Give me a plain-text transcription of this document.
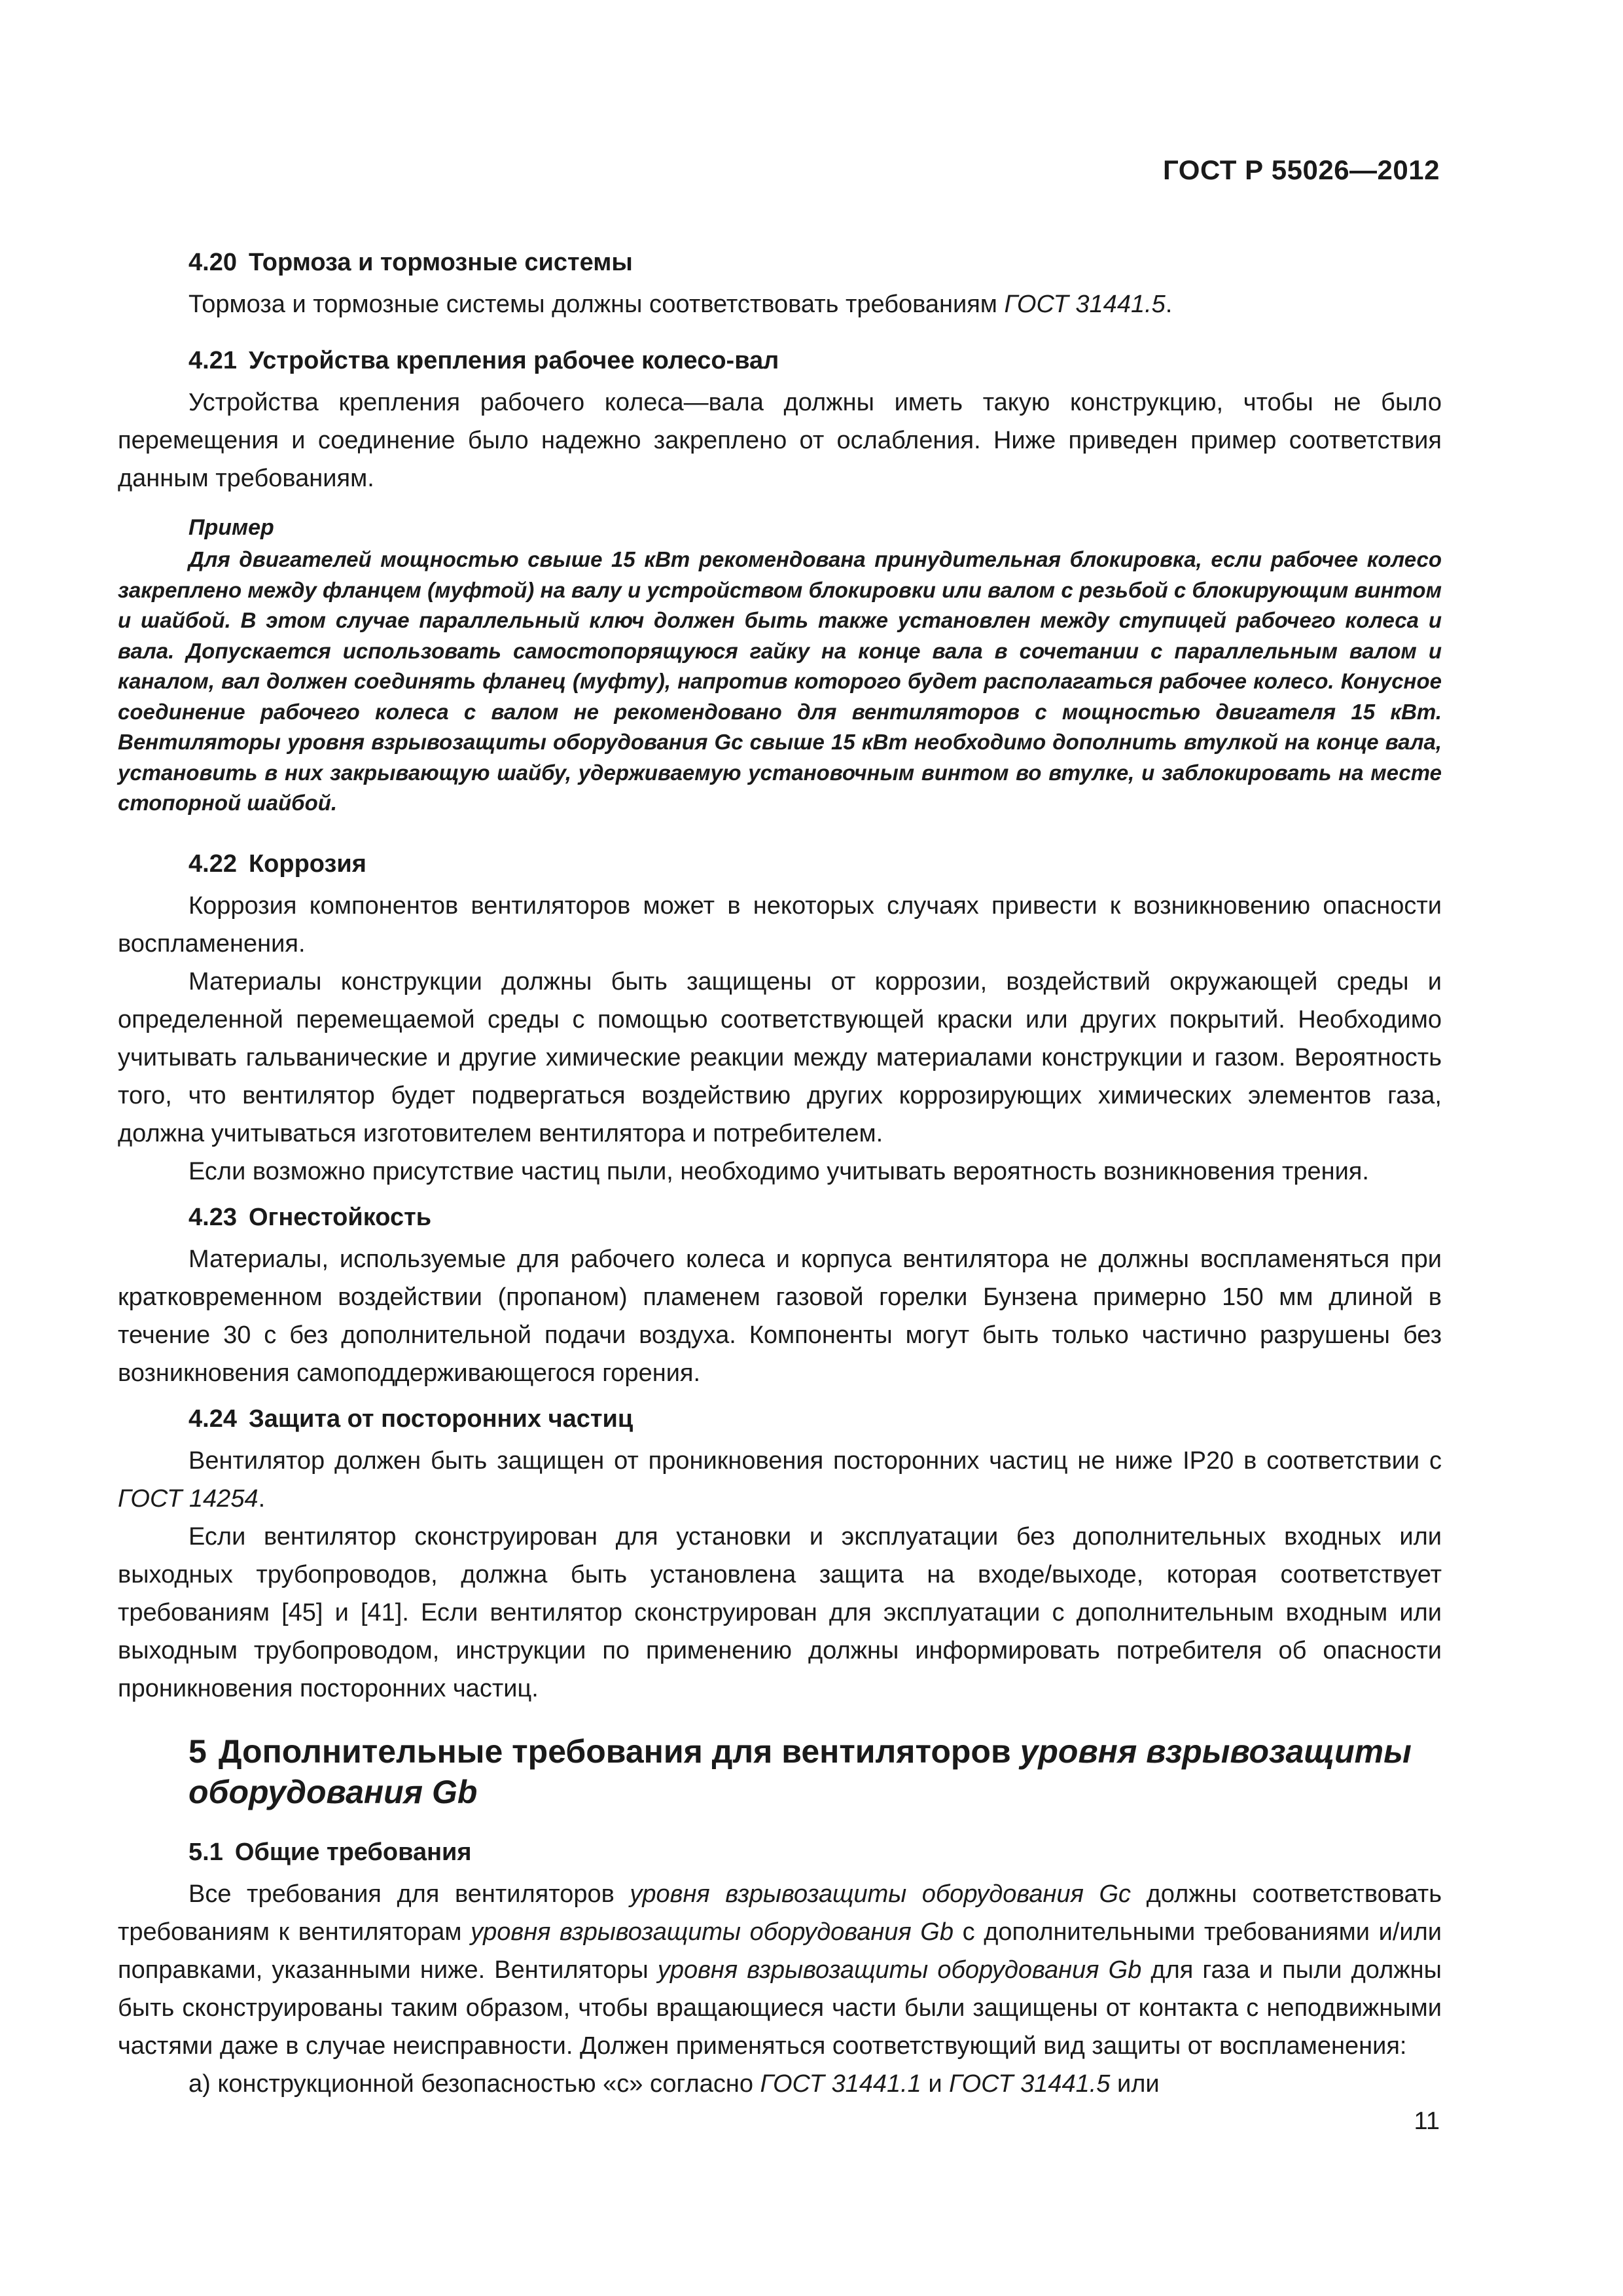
ГОСТ Р 55026—2012
4.20 Тормоза и тормозные системы

Тормоза и тормозные системы должны соответствовать требованиям ГОСТ 31441.5.

4.21 Устройства крепления рабочее колесо-вал

Устройства крепления рабочего колеса—вала должны иметь такую конструкцию, чтобы не было перемещения и соединение было надежно закреплено от ослабления. Ниже приведен пример соответствия данным требованиям.

Пример
Для двигателей мощностью свыше 15 кВт рекомендована принудительная блокировка, если рабочее колесо закреплено между фланцем (муфтой) на валу и устройством блокировки или валом с резьбой с блокирующим винтом и шайбой. В этом случае параллельный ключ должен быть также установлен между ступицей рабочего колеса и вала. Допускается использовать самостопорящуюся гайку на конце вала в сочетании с параллельным валом и каналом, вал должен соединять фланец (муфту), напротив которого будет располагаться рабочее колесо. Конусное соединение рабочего колеса с валом не рекомендовано для вентиляторов с мощностью двигателя 15 кВт. Вентиляторы уровня взрывозащиты оборудования Gc свыше 15 кВт необходимо дополнить втулкой на конце вала, установить в них закрывающую шайбу, удерживаемую установочным винтом во втулке, и заблокировать на месте стопорной шайбой.
4.22 Коррозия

Коррозия компонентов вентиляторов может в некоторых случаях привести к возникновению опасности воспламенения.

Материалы конструкции должны быть защищены от коррозии, воздействий окружающей среды и определенной перемещаемой среды с помощью соответствующей краски или других покрытий. Необходимо учитывать гальванические и другие химические реакции между материалами конструкции и газом. Вероятность того, что вентилятор будет подвергаться воздействию других коррозирующих химических элементов газа, должна учитываться изготовителем вентилятора и потребителем.

Если возможно присутствие частиц пыли, необходимо учитывать вероятность возникновения трения.

4.23 Огнестойкость

Материалы, используемые для рабочего колеса и корпуса вентилятора не должны воспламеняться при кратковременном воздействии (пропаном) пламенем газовой горелки Бунзена примерно 150 мм длиной в течение 30 с без дополнительной подачи воздуха. Компоненты могут быть только частично разрушены без возникновения самоподдерживающегося горения.

4.24 Защита от посторонних частиц

Вентилятор должен быть защищен от проникновения посторонних частиц не ниже IP20 в соответствии с ГОСТ 14254.

Если вентилятор сконструирован для установки и эксплуатации без дополнительных входных или выходных трубопроводов, должна быть установлена защита на входе/выходе, которая соответствует требованиям [45] и [41]. Если вентилятор сконструирован для эксплуатации с дополнительным входным или выходным трубопроводом, инструкции по применению должны информировать потребителя об опасности проникновения посторонних частиц.

5 Дополнительные требования для вентиляторов уровня взрывозащиты оборудования Gb
5.1 Общие требования

Все требования для вентиляторов уровня взрывозащиты оборудования Gc должны соответствовать требованиям к вентиляторам уровня взрывозащиты оборудования Gb с дополнительными требованиями и/или поправками, указанными ниже. Вентиляторы уровня взрывозащиты оборудования Gb для газа и пыли должны быть сконструированы таким образом, чтобы вращающиеся части были защищены от контакта с неподвижными частями даже в случае неисправности. Должен применяться соответствующий вид защиты от воспламенения:

а) конструкционной безопасностью «с» согласно ГОСТ 31441.1 и ГОСТ 31441.5 или

11
